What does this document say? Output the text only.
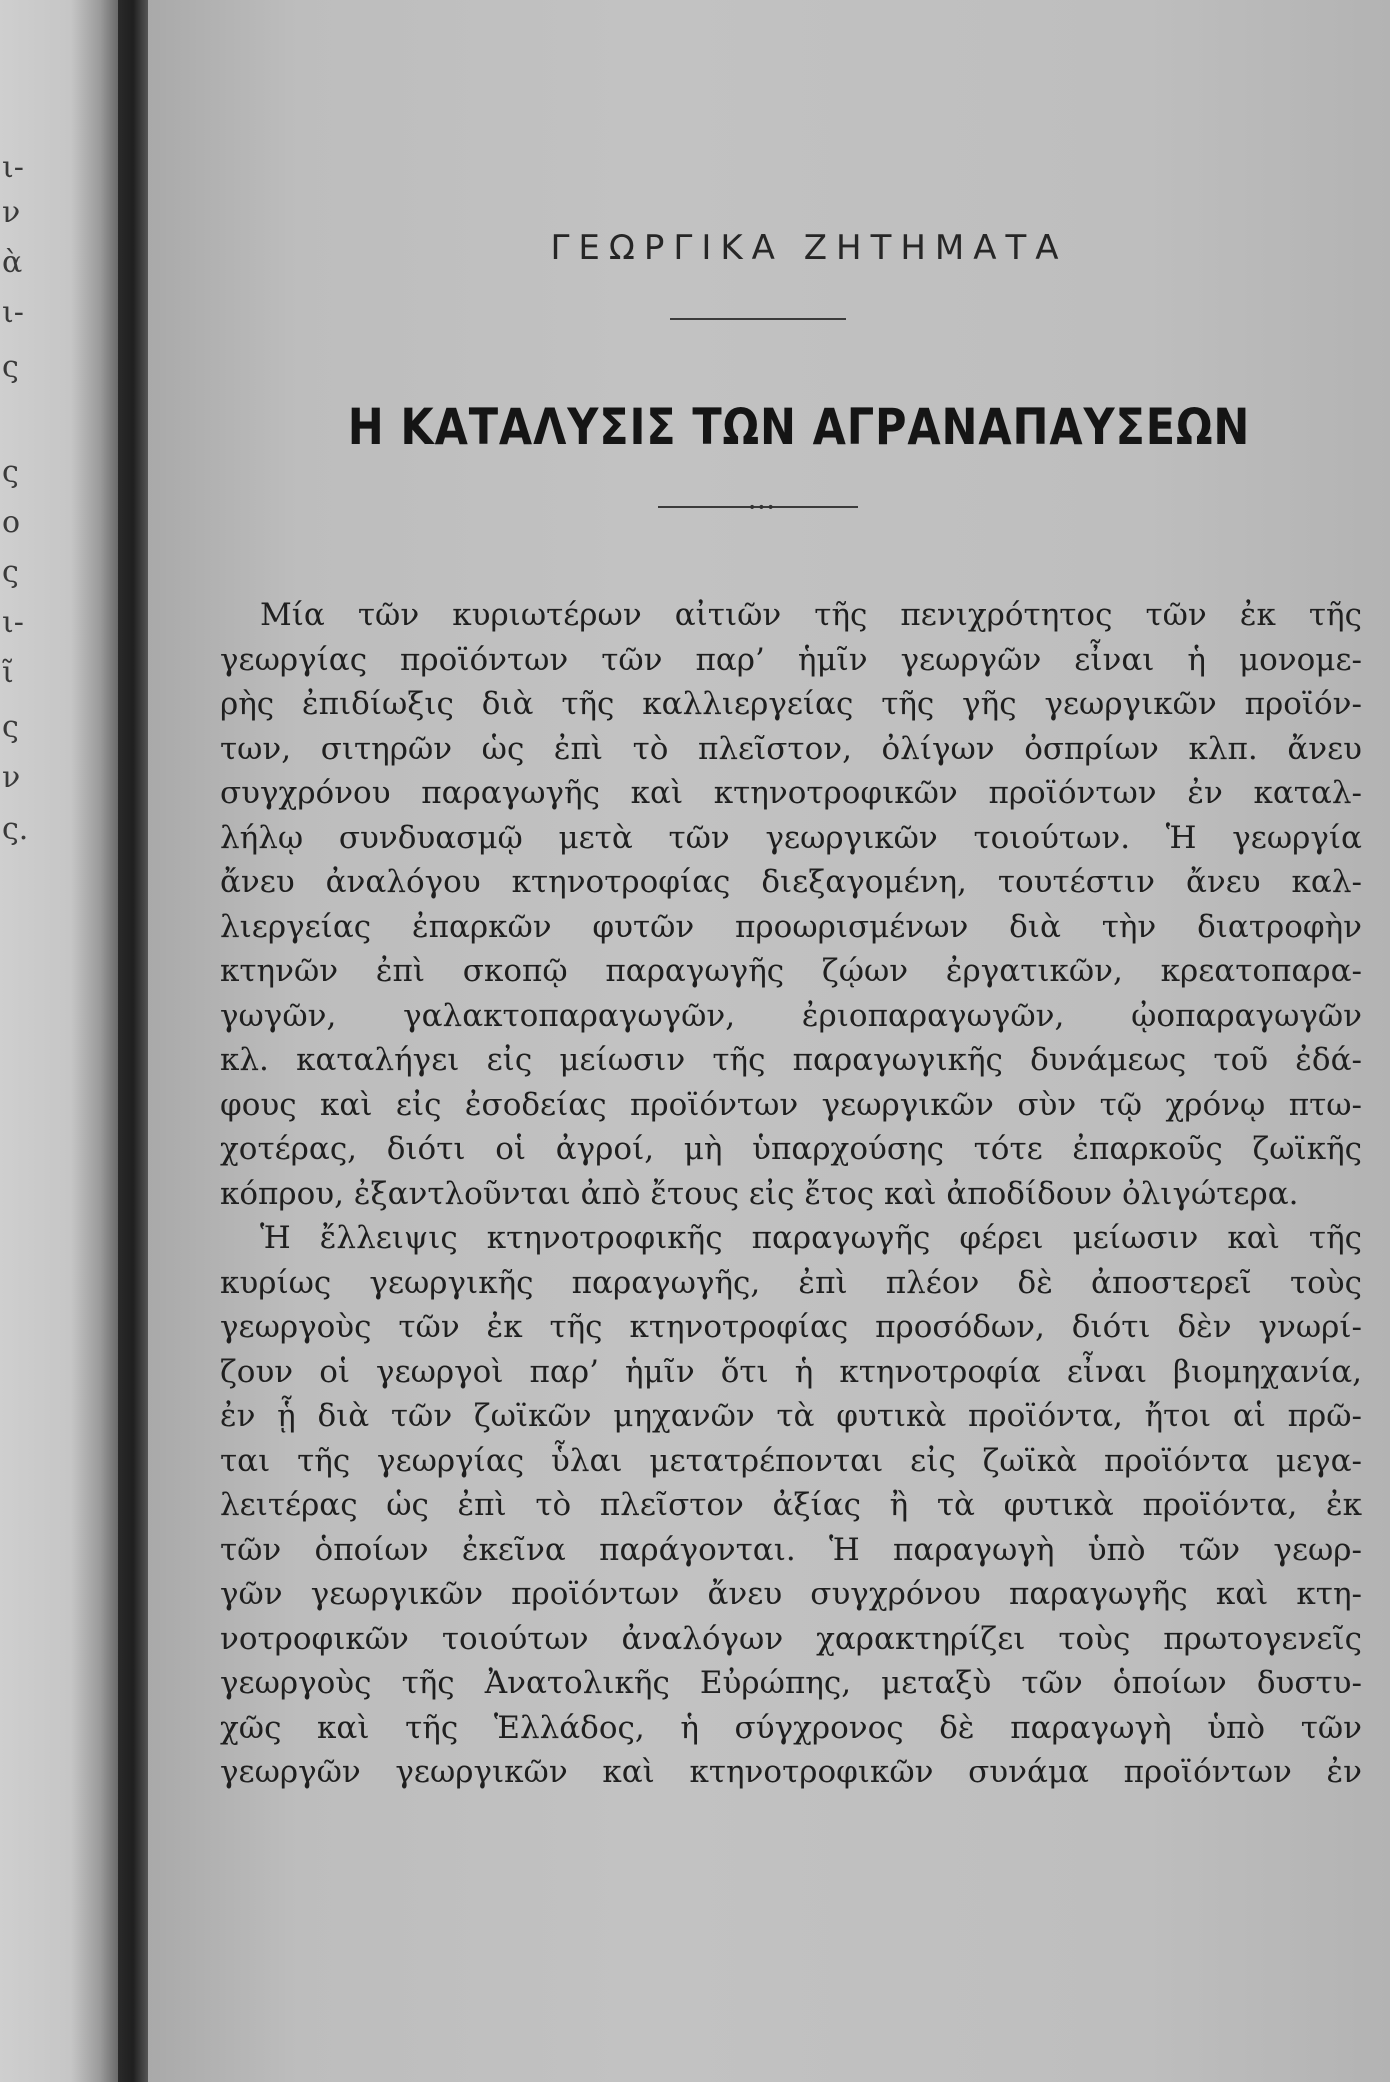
ι-
ν
ὰ
ι-
ς
ς
ο
ς
ι-
ῖ
ς
ν
ς.
ΓΕΩΡΓΙΚΑ ΖΗΤΗΜΑΤΑ
Η ΚΑΤΑΛΥΣΙΣ ΤΩΝ ΑΓΡΑΝΑΠΑΥΣΕΩΝ
•••
Μία τῶν κυριωτέρων αἰτιῶν τῆς πενιχρότητος τῶν ἐκ τῆς
γεωργίας προϊόντων τῶν παρ’ ἡμῖν γεωργῶν εἶναι ἡ μονομε-
ρὴς ἐπιδίωξις διὰ τῆς καλλιεργείας τῆς γῆς γεωργικῶν προϊόν-
των, σιτηρῶν ὡς ἐπὶ τὸ πλεῖστον, ὀλίγων ὀσπρίων κλπ. ἄνευ
συγχρόνου παραγωγῆς καὶ κτηνοτροφικῶν προϊόντων ἐν καταλ-
λήλῳ συνδυασμῷ μετὰ τῶν γεωργικῶν τοιούτων. Ἡ γεωργία
ἄνευ ἀναλόγου κτηνοτροφίας διεξαγομένη, τουτέστιν ἄνευ καλ-
λιεργείας ἐπαρκῶν φυτῶν προωρισμένων διὰ τὴν διατροφὴν
κτηνῶν ἐπὶ σκοπῷ παραγωγῆς ζῴων ἐργατικῶν, κρεατοπαρα-
γωγῶν, γαλακτοπαραγωγῶν, ἐριοπαραγωγῶν, ᾠοπαραγωγῶν
κλ. καταλήγει εἰς μείωσιν τῆς παραγωγικῆς δυνάμεως τοῦ ἐδά-
φους καὶ εἰς ἐσοδείας προϊόντων γεωργικῶν σὺν τῷ χρόνῳ πτω-
χοτέρας, διότι οἱ ἀγροί, μὴ ὑπαρχούσης τότε ἐπαρκοῦς ζωϊκῆς
κόπρου, ἐξαντλοῦνται ἀπὸ ἔτους εἰς ἔτος καὶ ἀποδίδουν ὀλιγώτερα.
Ἡ ἔλλειψις κτηνοτροφικῆς παραγωγῆς φέρει μείωσιν καὶ τῆς
κυρίως γεωργικῆς παραγωγῆς, ἐπὶ πλέον δὲ ἀποστερεῖ τοὺς
γεωργοὺς τῶν ἐκ τῆς κτηνοτροφίας προσόδων, διότι δὲν γνωρί-
ζουν οἱ γεωργοὶ παρ’ ἡμῖν ὅτι ἡ κτηνοτροφία εἶναι βιομηχανία,
ἐν ᾗ διὰ τῶν ζωϊκῶν μηχανῶν τὰ φυτικὰ προϊόντα, ἤτοι αἱ πρῶ-
ται τῆς γεωργίας ὗλαι μετατρέπονται εἰς ζωϊκὰ προϊόντα μεγα-
λειτέρας ὡς ἐπὶ τὸ πλεῖστον ἀξίας ἢ τὰ φυτικὰ προϊόντα, ἐκ
τῶν ὁποίων ἐκεῖνα παράγονται. Ἡ παραγωγὴ ὑπὸ τῶν γεωρ-
γῶν γεωργικῶν προϊόντων ἄνευ συγχρόνου παραγωγῆς καὶ κτη-
νοτροφικῶν τοιούτων ἀναλόγων χαρακτηρίζει τοὺς πρωτογενεῖς
γεωργοὺς τῆς Ἀνατολικῆς Εὐρώπης, μεταξὺ τῶν ὁποίων δυστυ-
χῶς καὶ τῆς Ἑλλάδος, ἡ σύγχρονος δὲ παραγωγὴ ὑπὸ τῶν
γεωργῶν γεωργικῶν καὶ κτηνοτροφικῶν συνάμα προϊόντων ἐν
